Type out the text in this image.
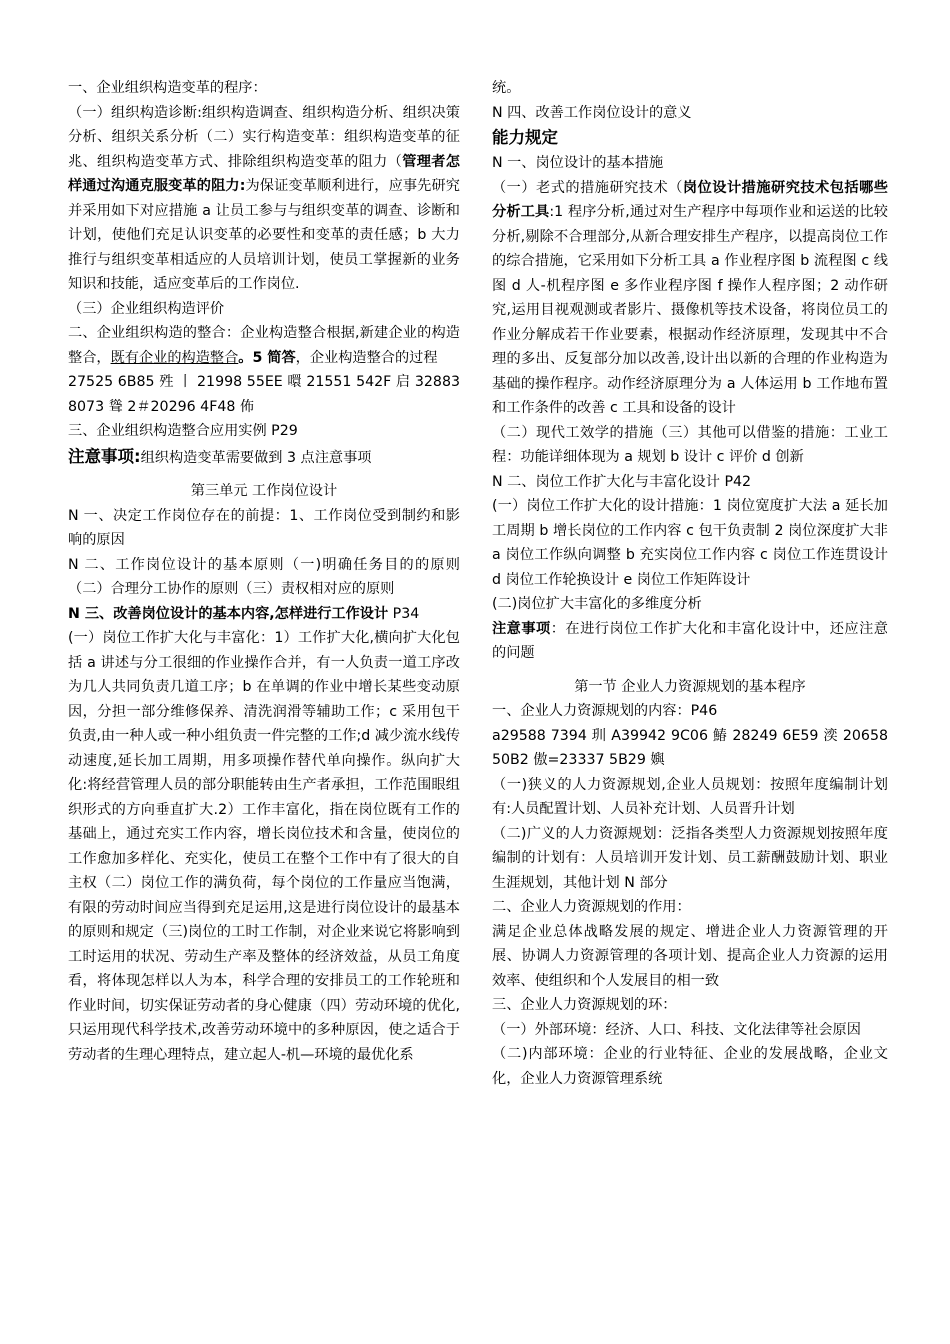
一、企业组织构造变革的程序：

（一）组织构造诊断:组织构造调查、组织构造分析、组织决策分析、组织关系分析（二）实行构造变革：组织构造变革的征兆、组织构造变革方式、排除组织构造变革的阻力（管理者怎样通过沟通克服变革的阻力:为保证变革顺利进行，应事先研究并采用如下对应措施 a 让员工参与与组织变革的调查、诊断和计划，使他们充足认识变革的必要性和变革的责任感；b 大力推行与组织变革相适应的人员培训计划，使员工掌握新的业务知识和技能，适应变革后的工作岗位.

（三）企业组织构造评价

二、企业组织构造的整合：企业构造整合根据,新建企业的构造整合，既有企业的构造整合。5 简答，企业构造整合的过程

27525 6B85 殅 丨 21998 55EE 噮 21551 542F 启 32883 8073 聳 2＃20296 4F48 佈

三、企业组织构造整合应用实例 P29

注意事项:组织构造变革需要做到 3 点注意事项

第三单元 工作岗位设计

N 一、决定工作岗位存在的前提：1、工作岗位受到制约和影响的原因

N 二、工作岗位设计的基本原则（一)明确任务目的的原则（二）合理分工协作的原则（三）责权相对应的原则

N 三、改善岗位设计的基本内容,怎样进行工作设计 P34

(一）岗位工作扩大化与丰富化：1）工作扩大化,横向扩大化包括 a 讲述与分工很细的作业操作合并，有一人负责一道工序改为几人共同负责几道工序；b 在单调的作业中增长某些变动原因，分担一部分维修保养、清洗润滑等辅助工作；c 采用包干负责,由一种人或一种小组负责一件完整的工作;d 减少流水线传动速度,延长加工周期，用多项操作替代单向操作。纵向扩大化:将经营管理人员的部分职能转由生产者承担，工作范围眼组织形式的方向垂直扩大.2）工作丰富化，指在岗位既有工作的基础上，通过充实工作内容，增长岗位技术和含量，使岗位的工作愈加多样化、充实化，使员工在整个工作中有了很大的自主权（二）岗位工作的满负荷，每个岗位的工作量应当饱满，有限的劳动时间应当得到充足运用,这是进行岗位设计的最基本的原则和规定（三)岗位的工时工作制，对企业来说它将影响到工时运用的状况、劳动生产率及整体的经济效益，从员工角度看，将体现怎样以人为本，科学合理的安排员工的工作轮班和作业时间，切实保证劳动者的身心健康（四）劳动环境的优化,只运用现代科学技术,改善劳动环境中的多种原因，使之适合于劳动者的生理心理特点，建立起人-机—环境的最优化系

统。

N 四、改善工作岗位设计的意义

能力规定

N 一、岗位设计的基本措施

（一）老式的措施研究技术（岗位设计措施研究技术包括哪些分析工具:1 程序分析,通过对生产程序中每项作业和运送的比较分析,剔除不合理部分,从新合理安排生产程序，以提高岗位工作的综合措施，它采用如下分析工具 a 作业程序图 b 流程图 c 线图 d 人-机程序图 e 多作业程序图 f 操作人程序图；2 动作研究,运用目视观测或者影片、摄像机等技术设备，将岗位员工的作业分解成若干作业要素，根据动作经济原理，发现其中不合理的多出、反复部分加以改善,设计出以新的合理的作业构造为基础的操作程序。动作经济原理分为 a 人体运用 b 工作地布置和工作条件的改善 c 工具和设备的设计

（二）现代工效学的措施（三）其他可以借鉴的措施：工业工程：功能详细体现为 a 规划 b 设计 c 评价 d 创新

N 二、岗位工作扩大化与丰富化设计 P42

(一）岗位工作扩大化的设计措施：1 岗位宽度扩大法 a 延长加工周期 b 增长岗位的工作内容 c 包干负责制 2 岗位深度扩大非 a 岗位工作纵向调整 b 充实岗位工作内容 c 岗位工作连贯设计 d 岗位工作轮换设计 e 岗位工作矩阵设计

(二)岗位扩大丰富化的多维度分析

注意事项：在进行岗位工作扩大化和丰富化设计中，还应注意的问题

第一节 企业人力资源规划的基本程序

一、企业人力资源规划的内容：P46

a29588 7394 玔 A39942 9C06 鰆 28249 6E59 湙 20658 50B2 傲=23337 5B29 嬩

（一)狭义的人力资源规划,企业人员规划：按照年度编制计划有:人员配置计划、人员补充计划、人员晋升计划

（二)广义的人力资源规划：泛指各类型人力资源规划按照年度编制的计划有：人员培训开发计划、员工薪酬鼓励计划、职业生涯规划，其他计划 N 部分

二、企业人力资源规划的作用：

满足企业总体战略发展的规定、增进企业人力资源管理的开展、协调人力资源管理的各项计划、提高企业人力资源的运用效率、使组织和个人发展目的相一致

三、企业人力资源规划的环：

（一）外部环境：经济、人口、科技、文化法律等社会原因

（二)内部环境：企业的行业特征、企业的发展战略，企业文化，企业人力资源管理系统
